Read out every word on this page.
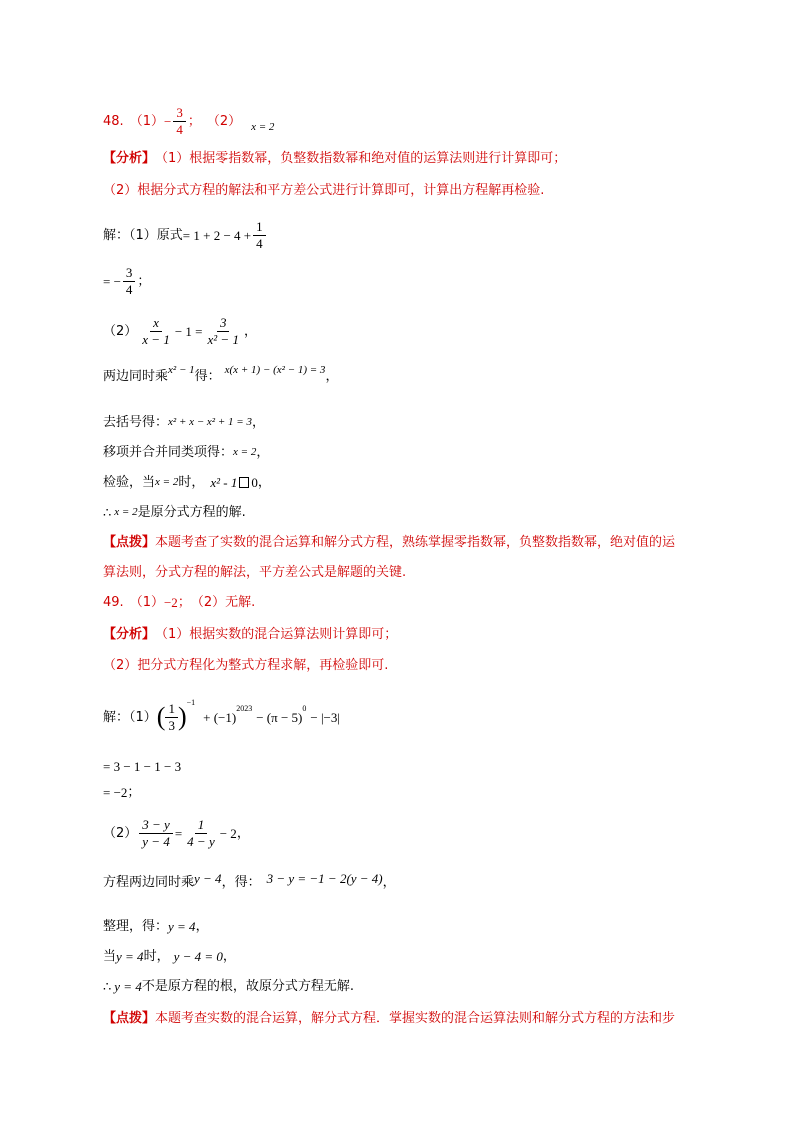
48. $(1) - \frac{3}{4}$ ； （2） x = 2
【分析】 （1）根据零指数幂，负整数指数幂和绝对值的运算法则进行计算即可；
（2）根据分式方程的解法和平方差公式进行计算即可，计算出方程解再检验.
解：（1）原式 = $1 + 2 - 4 + \frac{1}{4}$
= − $\frac{3}{4}$ ；
$(2) \frac{x}{x - 1} - 1 = \frac{3}{\text{x² − 1}}$ ，
两边同时乘 x² − 1 得： x(x + 1) − (x² − 1) = 3 ，
去括号得： x² + x − x² + 1 = 3 ，
移项并合并同类项得： x = 2 ，
检验，当 x = 2 时， x² - 1 0 ，
∴ x = 2 是原分式方程的解.
【点拨】 本题考查了实数的混合运算和解分式方程，熟练掌握零指数幂，负整数指数幂，绝对值的运
算法则，分式方程的解法，平方差公式是解题的关键.
49. （1） −2 ； （2） 无解.
【分析】 （1）根据实数的混合运算法则计算即可；
（2）把分式方程化为整式方程求解，再检验即可.
解：（1） ( $\frac{1}{3}$ ) −1
+ (−1)
2023
− (π − 5)
0
− |−3|
= 3 − 1 − 1 − 3
= −2 ；
$(2) \frac{3 - y}{y - 4} = \frac{1}{4 - y} - 2$ ，
方程两边同时乘 y − 4 ，得： 3 − y = −1 − 2(y − 4) ，
整理，得： y = 4 ，
当 y = 4 时， y − 4 = 0 ，
∴ y = 4 不是原方程的根，故原分式方程无解.
【点拨】 本题考查实数的混合运算，解分式方程．掌握实数的混合运算法则和解分式方程的方法和步
